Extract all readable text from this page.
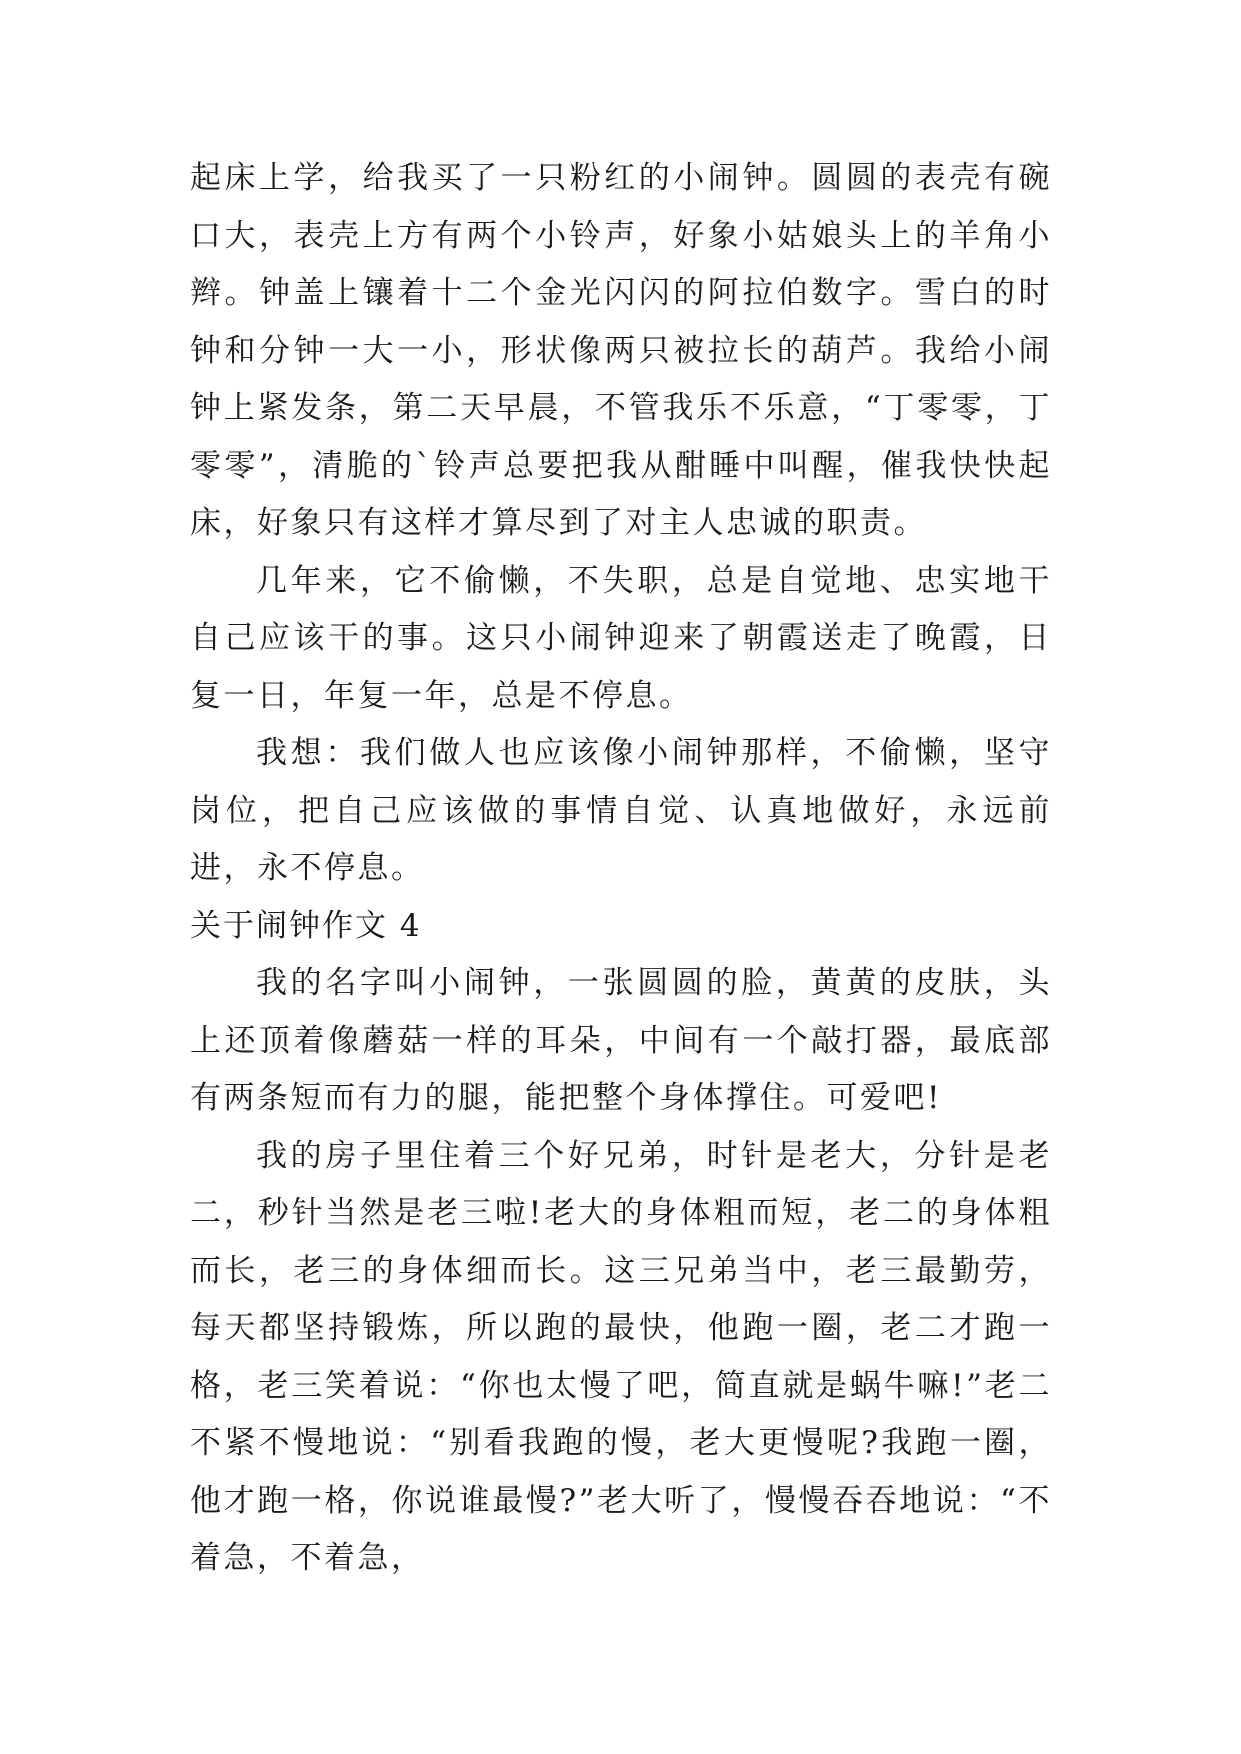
起床上学，给我买了一只粉红的小闹钟。圆圆的表壳有碗口大，表壳上方有两个小铃声，好象小姑娘头上的羊角小辫。钟盖上镶着十二个金光闪闪的阿拉伯数字。雪白的时钟和分钟一大一小，形状像两只被拉长的葫芦。我给小闹钟上紧发条，第二天早晨，不管我乐不乐意，“丁零零，丁零零”，清脆的`铃声总要把我从酣睡中叫醒，催我快快起床，好象只有这样才算尽到了对主人忠诚的职责。

几年来，它不偷懒，不失职，总是自觉地、忠实地干自己应该干的事。这只小闹钟迎来了朝霞送走了晚霞，日复一日，年复一年，总是不停息。

我想：我们做人也应该像小闹钟那样，不偷懒，坚守岗位，把自己应该做的事情自觉、认真地做好，永远前进，永不停息。

关于闹钟作文 4

我的名字叫小闹钟，一张圆圆的脸，黄黄的皮肤，头上还顶着像蘑菇一样的耳朵，中间有一个敲打器，最底部有两条短而有力的腿，能把整个身体撑住。可爱吧!

我的房子里住着三个好兄弟，时针是老大，分针是老二，秒针当然是老三啦!老大的身体粗而短，老二的身体粗而长，老三的身体细而长。这三兄弟当中，老三最勤劳，每天都坚持锻炼，所以跑的最快，他跑一圈，老二才跑一格，老三笑着说：“你也太慢了吧，简直就是蜗牛嘛!”老二不紧不慢地说：“别看我跑的慢，老大更慢呢?我跑一圈，他才跑一格，你说谁最慢?”老大听了，慢慢吞吞地说：“不着急，不着急，
